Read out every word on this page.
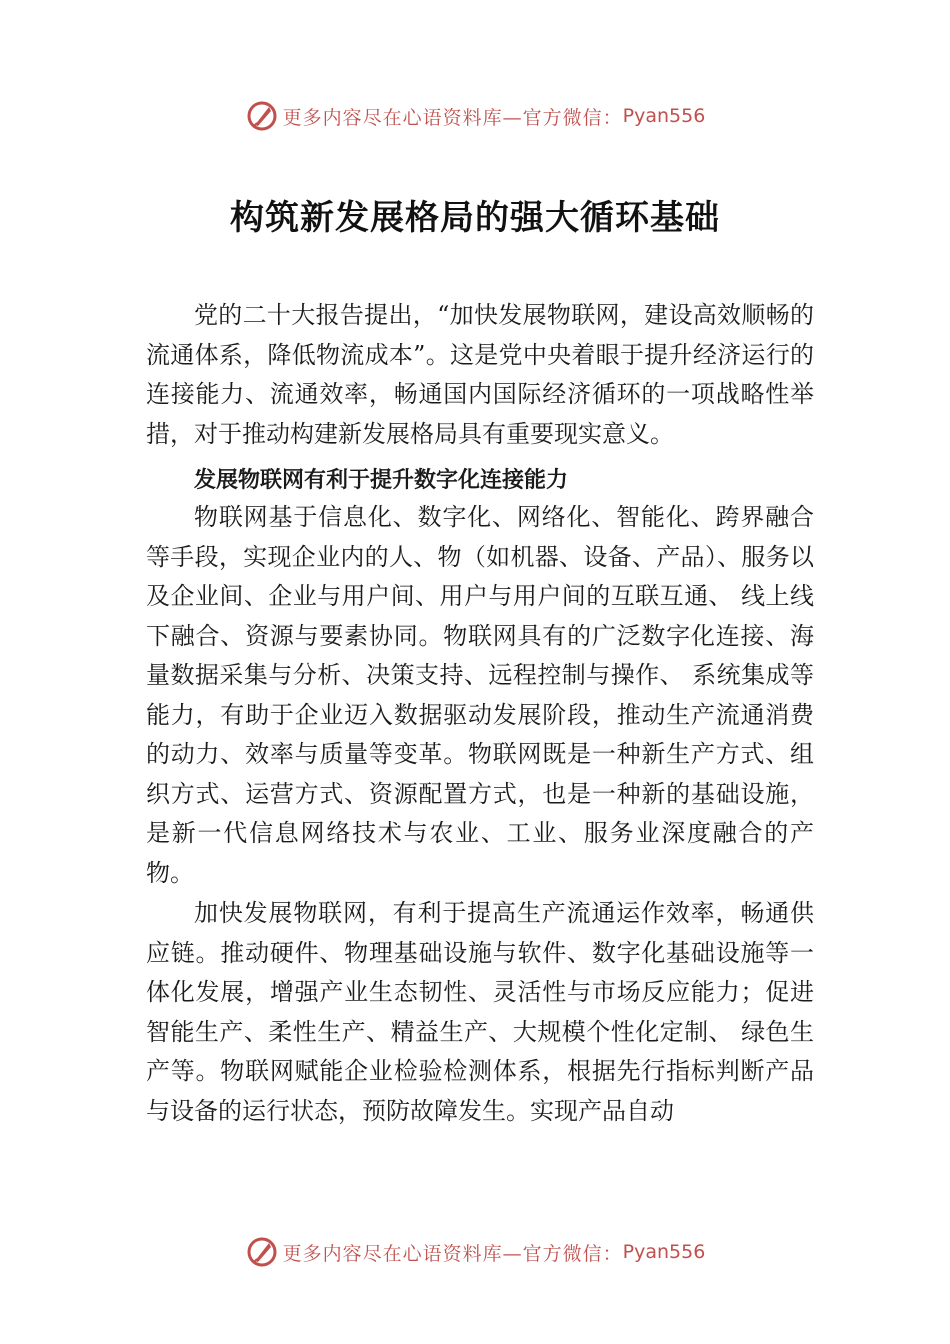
更多内容尽在心语资料库—官方微信： Pyan556
构筑新发展格局的强大循环基础

党的二十大报告提出，“加快发展物联网，建设高效顺畅的流通体系，降低物流成本”。这是党中央着眼于提升经济运行的连接能力、流通效率，畅通国内国际经济循环的一项战略性举措，对于推动构建新发展格局具有重要现实意义。

发展物联网有利于提升数字化连接能力

物联网基于信息化、数字化、网络化、智能化、跨界融合等手段，实现企业内的人、物（如机器、设备、产品）、服务以及企业间、企业与用户间、用户与用户间的互联互通、 线上线下融合、资源与要素协同。物联网具有的广泛数字化连接、海量数据采集与分析、决策支持、远程控制与操作、 系统集成等能力，有助于企业迈入数据驱动发展阶段，推动生产流通消费的动力、效率与质量等变革。物联网既是一种新生产方式、组织方式、运营方式、资源配置方式，也是一种新的基础设施，是新一代信息网络技术与农业、工业、服务业深度融合的产物。

加快发展物联网，有利于提高生产流通运作效率，畅通供应链。推动硬件、物理基础设施与软件、数字化基础设施等一体化发展，增强产业生态韧性、灵活性与市场反应能力；促进智能生产、柔性生产、精益生产、大规模个性化定制、 绿色生产等。物联网赋能企业检验检测体系，根据先行指标判断产品与设备的运行状态，预防故障发生。实现产品自动

更多内容尽在心语资料库—官方微信： Pyan556
